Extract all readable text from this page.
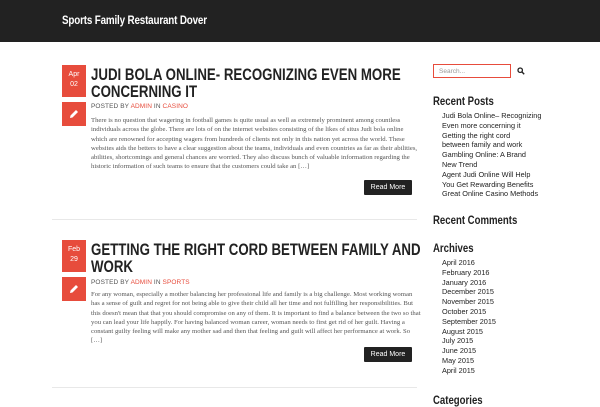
Sports Family Restaurant Dover
Apr
02
JUDI BOLA ONLINE- RECOGNIZING EVEN MORE
CONCERNING IT
POSTED BY ADMIN IN CASINO
There is no question that wagering in football games is quite usual as well as extremely prominent among countless individuals across the globe. There are lots of on the internet websites consisting of the likes of situs Judi bola online which are renowned for accepting wagers from hundreds of clients not only in this nation yet across the world. These websites aids the betters to have a clear suggestion about the teams, individuals and even countries as far as their abilities, abilities, shortcomings and general chances are worried. They also discuss bunch of valuable information regarding the historic information of such teams to ensure that the customers could take an […]
Read More
Feb
29
GETTING THE RIGHT CORD BETWEEN FAMILY AND
WORK
POSTED BY ADMIN IN SPORTS
For any woman, especially a mother balancing her professional life and family is a big challenge. Most working woman has a sense of guilt and regret for not being able to give their child all her time and not fulfilling her responsibilities. But this doesn't mean that that you should compromise on any of them. It is important to find a balance between the two so that you can lead your life happily. For having balanced woman career, woman needs to first get rid of her guilt. Having a constant guilty feeling will make any mother sad and then that feeling and guilt will affect her performance at work. So […]
Read More
Search...
Recent Posts
Judi Bola Online– Recognizing
Even more concerning it
Getting the right cord
between family and work
Gambling Online: A Brand
New Trend
Agent Judi Online Will Help
You Get Rewarding Benefits
Great Online Casino Methods
Recent Comments
Archives
April 2016
February 2016
January 2016
December 2015
November 2015
October 2015
September 2015
August 2015
July 2015
June 2015
May 2015
April 2015
Categories
